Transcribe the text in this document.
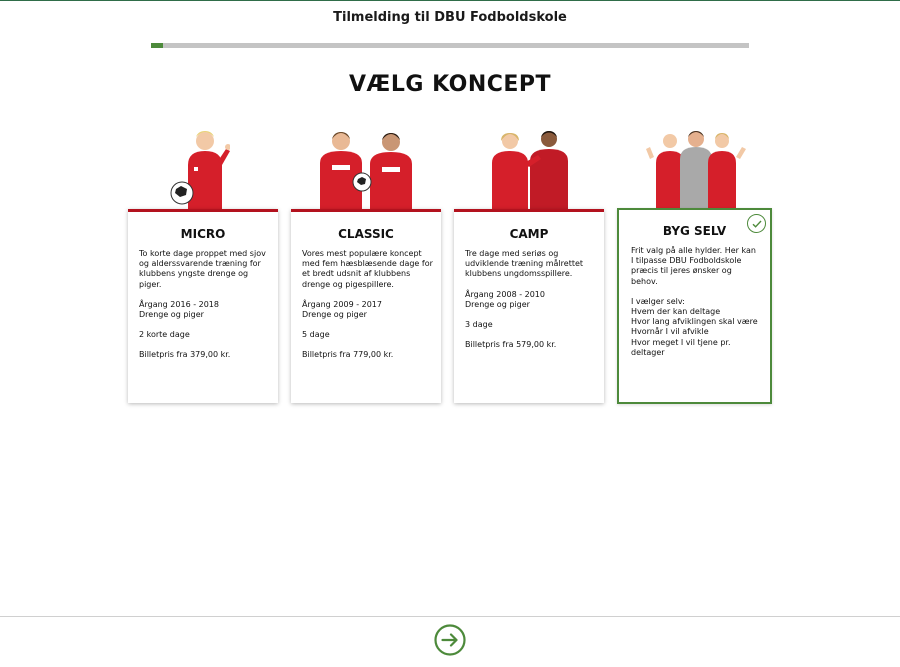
Tilmelding til DBU Fodboldskole
VÆLG KONCEPT
MICRO

To korte dage proppet med sjov og alderssvarende træning for klubbens yngste drenge og piger.

Årgang 2016 - 2018
Drenge og piger

2 korte dage

Billetpris fra 379,00 kr.

CLASSIC

Vores mest populære koncept med fem hæsblæsende dage for et bredt udsnit af klubbens drenge og pigespillere.

Årgang 2009 - 2017
Drenge og piger

5 dage

Billetpris fra 779,00 kr.

CAMP

Tre dage med seriøs og udviklende træning målrettet klubbens ungdomsspillere.

Årgang 2008 - 2010
Drenge og piger

3 dage

Billetpris fra 579,00 kr.

BYG SELV

Frit valg på alle hylder. Her kan I tilpasse DBU Fodboldskole præcis til jeres ønsker og behov.

I vælger selv:
Hvem der kan deltage
Hvor lang afviklingen skal være
Hvornår I vil afvikle
Hvor meget I vil tjene pr. deltager
